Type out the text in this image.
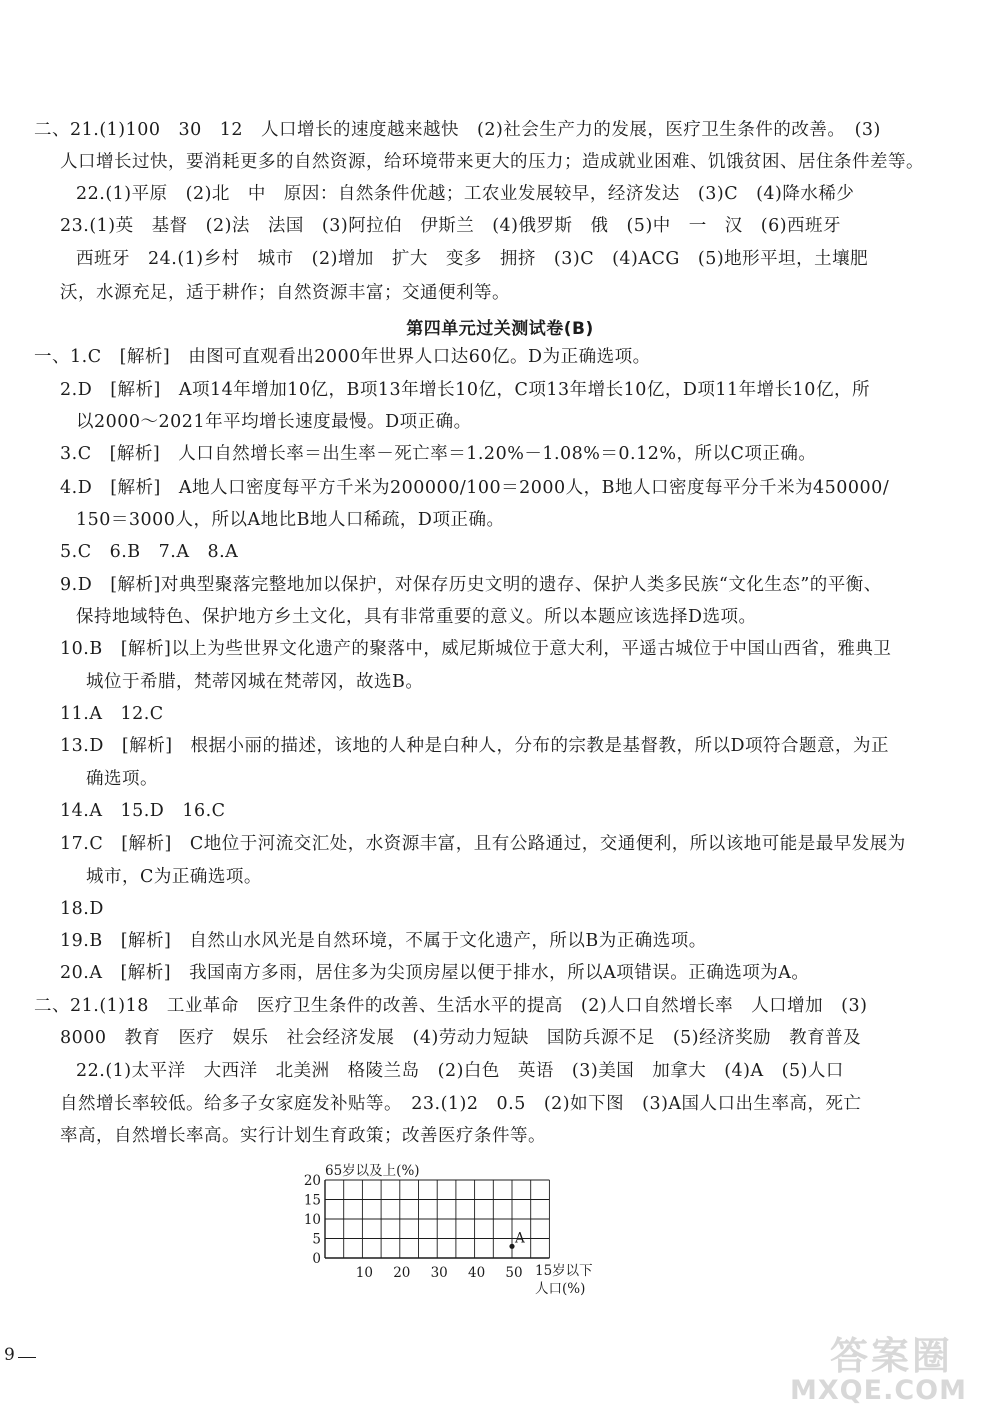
二、21.(1)100　30　12　人口增长的速度越来越快　(2)社会生产力的发展，医疗卫生条件的改善。　(3)
人口增长过快，要消耗更多的自然资源，给环境带来更大的压力；造成就业困难、饥饿贫困、居住条件差等。
22.(1)平原　(2)北　中　原因：自然条件优越；工农业发展较早，经济发达　(3)C　(4)降水稀少
23.(1)英　基督　(2)法　法国　(3)阿拉伯　伊斯兰　(4)俄罗斯　俄　(5)中　一　汉　(6)西班牙
西班牙　24.(1)乡村　城市　(2)增加　扩大　变多　拥挤　(3)C　(4)ACG　(5)地形平坦，土壤肥
沃，水源充足，适于耕作；自然资源丰富；交通便利等。
第四单元过关测试卷(B)
一、1.C　[解析]　由图可直观看出2000年世界人口达60亿。D为正确选项。
2.D　[解析]　A项14年增加10亿，B项13年增长10亿，C项13年增长10亿，D项11年增长10亿，所
以2000～2021年平均增长速度最慢。D项正确。
3.C　[解析]　人口自然增长率＝出生率－死亡率＝1.20%－1.08%＝0.12%，所以C项正确。
4.D　[解析]　A地人口密度每平方千米为200000/100＝2000人，B地人口密度每平分千米为450000/
150＝3000人，所以A地比B地人口稀疏，D项正确。
5.C　6.B　7.A　8.A
9.D　[解析]对典型聚落完整地加以保护，对保存历史文明的遗存、保护人类多民族“文化生态”的平衡、
保持地域特色、保护地方乡土文化，具有非常重要的意义。所以本题应该选择D选项。
10.B　[解析]以上为些世界文化遗产的聚落中，威尼斯城位于意大利，平遥古城位于中国山西省，雅典卫
城位于希腊，梵蒂冈城在梵蒂冈，故选B。
11.A　12.C
13.D　[解析]　根据小丽的描述，该地的人种是白种人，分布的宗教是基督教，所以D项符合题意，为正
确选项。
14.A　15.D　16.C
17.C　[解析]　C地位于河流交汇处，水资源丰富，且有公路通过，交通便利，所以该地可能是最早发展为
城市，C为正确选项。
18.D
19.B　[解析]　自然山水风光是自然环境，不属于文化遗产，所以B为正确选项。
20.A　[解析]　我国南方多雨，居住多为尖顶房屋以便于排水，所以A项错误。正确选项为A。
二、21.(1)18　工业革命　医疗卫生条件的改善、生活水平的提高　(2)人口自然增长率　人口增加　(3)
8000　教育　医疗　娱乐　社会经济发展　(4)劳动力短缺　国防兵源不足　(5)经济奖励　教育普及
22.(1)太平洋　大西洋　北美洲　格陵兰岛　(2)白色　英语　(3)美国　加拿大　(4)A　(5)人口
自然增长率较低。给多子女家庭发补贴等。　23.(1)2　0.5　(2)如下图　(3)A国人口出生率高，死亡
率高，自然增长率高。实行计划生育政策；改善医疗条件等。
65岁以及上(%)
20
15
10
5
0
10 20 30 40 50
A
15岁以下
人口(%)
9	答案圈
MXQE.COM
